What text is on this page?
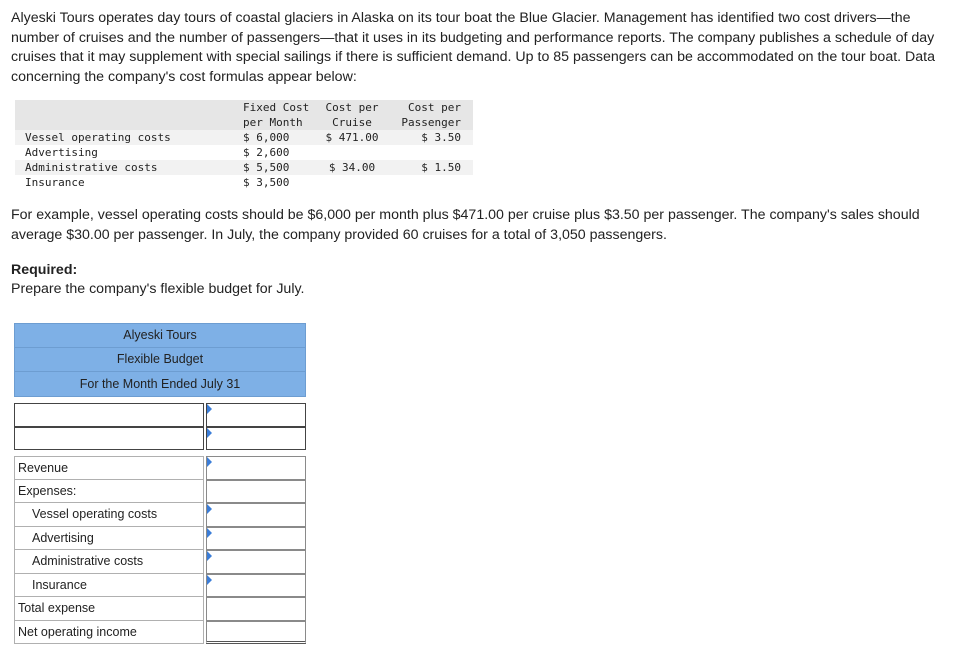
Alyeski Tours operates day tours of coastal glaciers in Alaska on its tour boat the Blue Glacier. Management has identified two cost drivers—the number of cruises and the number of passengers—that it uses in its budgeting and performance reports. The company publishes a schedule of day cruises that it may supplement with special sailings if there is sufficient demand. Up to 85 passengers can be accommodated on the tour boat. Data concerning the company's cost formulas appear below:

	Fixed Cost per Month	Cost per Cruise	Cost per Passenger
Vessel operating costs	$ 6,000	$ 471.00	$ 3.50
Advertising	$ 2,600		
Administrative costs	$ 5,500	$ 34.00	$ 1.50
Insurance	$ 3,500		

For example, vessel operating costs should be $6,000 per month plus $471.00 per cruise plus $3.50 per passenger. The company's sales should average $30.00 per passenger. In July, the company provided 60 cruises for a total of 3,050 passengers.

Required:
Prepare the company's flexible budget for July.
Alyeski Tours
Flexible Budget
For the Month Ended July 31
Revenue
Expenses:
Vessel operating costs
Advertising
Administrative costs
Insurance
Total expense
Net operating income
